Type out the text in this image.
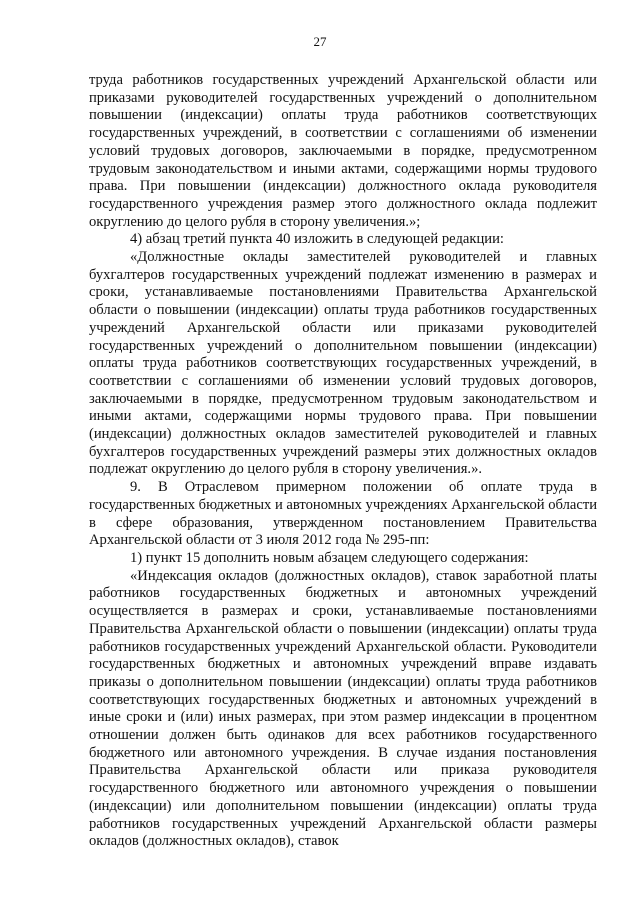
27

труда работников государственных учреждений Архангельской области или приказами руководителей государственных учреждений о дополнительном повышении (индексации) оплаты труда работников соответствующих государственных учреждений, в соответствии с соглашениями об изменении условий трудовых договоров, заключаемыми в порядке, предусмотренном трудовым законодательством и иными актами, содержащими нормы трудового права. При повышении (индексации) должностного оклада руководителя государственного учреждения размер этого должностного оклада подлежит округлению до целого рубля в сторону увеличения.»;

4) абзац третий пункта 40 изложить в следующей редакции:

«Должностные оклады заместителей руководителей и главных бухгалтеров государственных учреждений подлежат изменению в размерах и сроки, устанавливаемые постановлениями Правительства Архангельской области о повышении (индексации) оплаты труда работников государственных учреждений Архангельской области или приказами руководителей государственных учреждений о дополнительном повышении (индексации) оплаты труда работников соответствующих государственных учреждений, в соответствии с соглашениями об изменении условий трудовых договоров, заключаемыми в порядке, предусмотренном трудовым законодательством и иными актами, содержащими нормы трудового права. При повышении (индексации) должностных окладов заместителей руководителей и главных бухгалтеров государственных учреждений размеры этих должностных окладов подлежат округлению до целого рубля в сторону увеличения.».

9. В Отраслевом примерном положении об оплате труда в государственных бюджетных и автономных учреждениях Архангельской области в сфере образования, утвержденном постановлением Правительства Архангельской области от 3 июля 2012 года № 295-пп:

1) пункт 15 дополнить новым абзацем следующего содержания:

«Индексация окладов (должностных окладов), ставок заработной платы работников государственных бюджетных и автономных учреждений осуществляется в размерах и сроки, устанавливаемые постановлениями Правительства Архангельской области о повышении (индексации) оплаты труда работников государственных учреждений Архангельской области. Руководители государственных бюджетных и автономных учреждений вправе издавать приказы о дополнительном повышении (индексации) оплаты труда работников соответствующих государственных бюджетных и автономных учреждений в иные сроки и (или) иных размерах, при этом размер индексации в процентном отношении должен быть одинаков для всех работников государственного бюджетного или автономного учреждения. В случае издания постановления Правительства Архангельской области или приказа руководителя государственного бюджетного или автономного учреждения о повышении (индексации) или дополнительном повышении (индексации) оплаты труда работников государственных учреждений Архангельской области размеры окладов (должностных окладов), ставок
